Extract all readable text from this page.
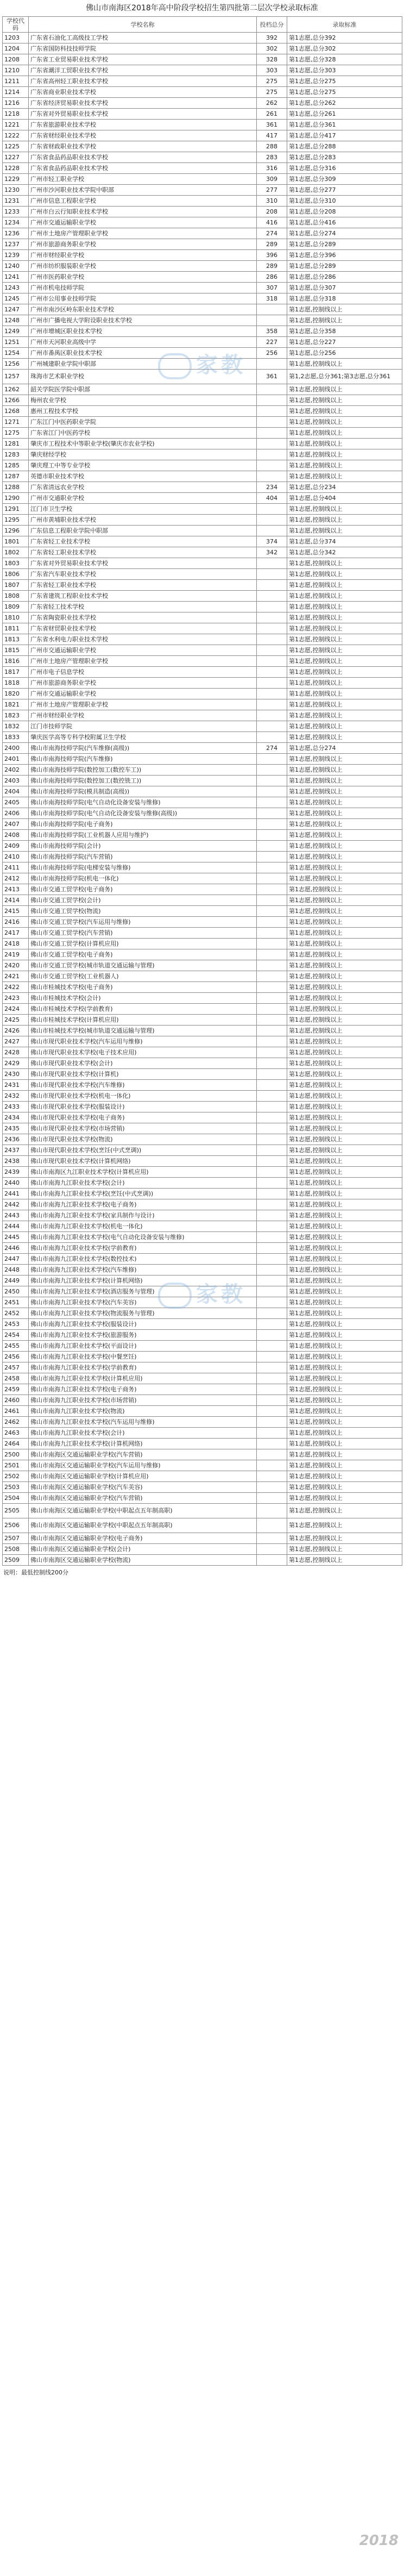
佛山市南海区2018年高中阶段学校招生第四批第二层次学校录取标准
学校代码	学校名称	投档总分	录取标准
1203	广东省石油化工高级技工学校	392	第1志愿,总分392
1204	广东省国防科技技师学院	302	第1志愿,总分302
1208	广东省工业贸易职业技术学校	328	第1志愿,总分328
1210	广东省潮洋工贸职业技术学校	303	第1志愿,总分303
1211	广东省高州轻工职业技术学校	275	第1志愿,总分275
1214	广东省商业职业技术学校	275	第1志愿,总分275
1216	广东省经济贸易职业技术学校	262	第1志愿,总分262
1218	广东省对外贸易职业技术学校	261	第1志愿,总分261
1221	广东省旅游职业技术学校	361	第1志愿,总分361
1222	广东省财经职业技术学校	417	第1志愿,总分417
1225	广东省财政职业技术学校	288	第1志愿,总分288
1227	广东省食品药品职业技术学校	283	第1志愿,总分283
1228	广东省食品药品职业技术学校	316	第1志愿,总分316
1229	广州市轻工职业学校	309	第1志愿,总分309
1230	广州市沙河职业技术学院中职部	277	第1志愿,总分277
1231	广州市信息工程职业学校	310	第1志愿,总分310
1233	广州市白云行知职业技术学校	208	第1志愿,总分208
1234	广州市交通运输职业学校	416	第1志愿,总分416
1236	广州市土地房产管理职业学校	274	第1志愿,总分274
1237	广州市旅游商务职业学校	289	第1志愿,总分289
1239	广州市财经职业学校	396	第1志愿,总分396
1240	广州市纺织服装职业学校	289	第1志愿,总分289
1241	广州市医药职业学校	286	第1志愿,总分286
1243	广州市机电技师学院	307	第1志愿,总分307
1245	广州市公用事业技师学院	318	第1志愿,总分318
1247	广州市南沙区岭东职业技术学校		第1志愿,控制线以上
1248	广州市广播电视大学附设职业技术学校		第1志愿,控制线以上
1249	广州市增城区职业技术学校	358	第1志愿,总分358
1251	广州市天河职业高级中学	227	第1志愿,总分227
1254	广州市番禺区职业技术学校	256	第1志愿,总分256
1256	广州城建职业学院中职部		第1志愿,控制线以上
1257	珠海市艺术职业学校	361	第1,2志愿,总分361;第3志愿,总分361
1262	韶关学院医学院中职部		第1志愿,控制线以上
1266	梅州农业学校		第1志愿,控制线以上
1268	惠州工程技术学校		第1志愿,控制线以上
1271	广东江门中医药职业学院		第1志愿,控制线以上
1275	广东省江门中医药学校		第1志愿,控制线以上
1281	肇庆市工程技术中等职业学校(肇庆市农业学校)		第1志愿,控制线以上
1283	肇庆财经学校		第1志愿,控制线以上
1285	肇庆理工中等专业学校		第1志愿,控制线以上
1287	英德市职业技术学校		第1志愿,控制线以上
1288	广东省清远农业学校	234	第1志愿,总分234
1290	广州市交通职业学校	404	第1志愿,总分404
1291	江门市卫生学校		第1志愿,控制线以上
1295	广州市黄埔职业技术学校		第1志愿,控制线以上
1296	广东信息工程职业学院中职部		第1志愿,控制线以上
1801	广东省轻工业技术学校	374	第1志愿,总分374
1802	广东省轻工职业技术学校	342	第1志愿,总分342
1803	广东省对外贸易职业技术学校		第1志愿,控制线以上
1806	广东省汽车职业技术学校		第1志愿,控制线以上
1807	广东省轻工职业技术学校		第1志愿,控制线以上
1808	广东省建筑工程职业技术学校		第1志愿,控制线以上
1809	广东省轻工技术学校		第1志愿,控制线以上
1810	广东省陶瓷职业技术学校		第1志愿,控制线以上
1811	广东省财贸职业技术学校		第1志愿,控制线以上
1813	广东省水利电力职业技术学校		第1志愿,控制线以上
1815	广州市交通运输职业学校		第1志愿,控制线以上
1816	广州市土地房产管理职业学校		第1志愿,控制线以上
1817	广州市电子信息学校		第1志愿,控制线以上
1818	广州市旅游商务职业学校		第1志愿,控制线以上
1820	广州市交通运输职业学校		第1志愿,控制线以上
1821	广州市土地房产管理职业学校		第1志愿,控制线以上
1823	广州市财经职业学校		第1志愿,控制线以上
1832	江门市技师学院		第1志愿,控制线以上
1833	肇庆医学高等专科学校附属卫生学校		第1志愿,控制线以上
2400	佛山市南海技师学院(汽车维修(高级))	274	第1志愿,总分274
2401	佛山市南海技师学院(汽车维修)		第1志愿,控制线以上
2402	佛山市南海技师学院(数控加工(数控车工))		第1志愿,控制线以上
2403	佛山市南海技师学院(数控加工(数控铣工))		第1志愿,控制线以上
2404	佛山市南海技师学院(模具制造(高级))		第1志愿,控制线以上
2405	佛山市南海技师学院(电气自动化设备安装与维修)		第1志愿,控制线以上
2406	佛山市南海技师学院(电气自动化设备安装与维修(高级))		第1志愿,控制线以上
2407	佛山市南海技师学院(电子商务)		第1志愿,控制线以上
2408	佛山市南海技师学院(工业机器人应用与维护)		第1志愿,控制线以上
2409	佛山市南海技师学院(会计)		第1志愿,控制线以上
2410	佛山市南海技师学院(汽车营销)		第1志愿,控制线以上
2411	佛山市南海技师学院(电梯安装与维修)		第1志愿,控制线以上
2412	佛山市南海技师学院(机电一体化)		第1志愿,控制线以上
2413	佛山市交通工贸学校(电子商务)		第1志愿,控制线以上
2414	佛山市交通工贸学校(会计)		第1志愿,控制线以上
2415	佛山市交通工贸学校(物流)		第1志愿,控制线以上
2416	佛山市交通工贸学校(汽车运用与维修)		第1志愿,控制线以上
2417	佛山市交通工贸学校(汽车营销)		第1志愿,控制线以上
2418	佛山市交通工贸学校(计算机应用)		第1志愿,控制线以上
2419	佛山市交通工贸学校(电子商务)		第1志愿,控制线以上
2420	佛山市交通工贸学校(城市轨道交通运输与管理)		第1志愿,控制线以上
2421	佛山市交通工贸学校(工业机器人)		第1志愿,控制线以上
2422	佛山市桂城技术学校(电子商务)		第1志愿,控制线以上
2423	佛山市桂城技术学校(会计)		第1志愿,控制线以上
2424	佛山市桂城技术学校(学前教育)		第1志愿,控制线以上
2425	佛山市桂城技术学校(计算机应用)		第1志愿,控制线以上
2426	佛山市桂城技术学校(城市轨道交通运输与管理)		第1志愿,控制线以上
2427	佛山市现代职业技术学校(汽车运用与维修)		第1志愿,控制线以上
2428	佛山市现代职业技术学校(电子技术应用)		第1志愿,控制线以上
2429	佛山市现代职业技术学校(会计)		第1志愿,控制线以上
2430	佛山市现代职业技术学校(计算机)		第1志愿,控制线以上
2431	佛山市现代职业技术学校(汽车维修)		第1志愿,控制线以上
2432	佛山市现代职业技术学校(机电一体化)		第1志愿,控制线以上
2433	佛山市现代职业技术学校(服装设计)		第1志愿,控制线以上
2434	佛山市现代职业技术学校(电子商务)		第1志愿,控制线以上
2435	佛山市现代职业技术学校(市场营销)		第1志愿,控制线以上
2436	佛山市现代职业技术学校(物流)		第1志愿,控制线以上
2437	佛山市现代职业技术学校(烹饪(中式烹调))		第1志愿,控制线以上
2438	佛山市现代职业技术学校(计算机网络)		第1志愿,控制线以上
2439	佛山市南海区九江职业技术学校(计算机应用)		第1志愿,控制线以上
2440	佛山市南海九江职业技术学校(会计)		第1志愿,控制线以上
2441	佛山市南海九江职业技术学校(烹饪(中式烹调))		第1志愿,控制线以上
2442	佛山市南海九江职业技术学校(电子商务)		第1志愿,控制线以上
2443	佛山市南海九江职业技术学校(家具制作与设计)		第1志愿,控制线以上
2444	佛山市南海九江职业技术学校(机电一体化)		第1志愿,控制线以上
2445	佛山市南海九江职业技术学校(电气自动化设备安装与维修)		第1志愿,控制线以上
2446	佛山市南海九江职业技术学校(学前教育)		第1志愿,控制线以上
2447	佛山市南海九江职业技术学校(数控技术)		第1志愿,控制线以上
2448	佛山市南海九江职业技术学校(汽车维修)		第1志愿,控制线以上
2449	佛山市南海九江职业技术学校(计算机网络)		第1志愿,控制线以上
2450	佛山市南海九江职业技术学校(酒店服务与管理)		第1志愿,控制线以上
2451	佛山市南海九江职业技术学校(汽车美容)		第1志愿,控制线以上
2452	佛山市南海九江职业技术学校(物流服务与管理)		第1志愿,控制线以上
2453	佛山市南海九江职业技术学校(服装设计)		第1志愿,控制线以上
2454	佛山市南海九江职业技术学校(旅游服务)		第1志愿,控制线以上
2455	佛山市南海九江职业技术学校(平面设计)		第1志愿,控制线以上
2456	佛山市南海九江职业技术学校(中餐烹饪)		第1志愿,控制线以上
2457	佛山市南海九江职业技术学校(学前教育)		第1志愿,控制线以上
2458	佛山市南海九江职业技术学校(计算机应用)		第1志愿,控制线以上
2459	佛山市南海九江职业技术学校(电子商务)		第1志愿,控制线以上
2460	佛山市南海九江职业技术学校(市场营销)		第1志愿,控制线以上
2461	佛山市南海九江职业技术学校(物流)		第1志愿,控制线以上
2462	佛山市南海九江职业技术学校(汽车运用与维修)		第1志愿,控制线以上
2463	佛山市南海九江职业技术学校(会计)		第1志愿,控制线以上
2464	佛山市南海九江职业技术学校(计算机网络)		第1志愿,控制线以上
2500	佛山市南海区交通运输职业学校(汽车营销)		第1志愿,控制线以上
2501	佛山市南海区交通运输职业学校(汽车运用与维修)		第1志愿,控制线以上
2502	佛山市南海区交通运输职业学校(计算机应用)		第1志愿,控制线以上
2503	佛山市南海区交通运输职业学校(汽车美容)		第1志愿,控制线以上
2504	佛山市南海区交通运输职业学校(汽车营销)		第1志愿,控制线以上
2505	佛山市南海区交通运输职业学校(中职起点五年制高职)		第1志愿,控制线以上
2506	佛山市南海区交通运输职业学校(中职起点五年制高职)		第1志愿,控制线以上
2507	佛山市南海区交通运输职业学校(电子商务)		第1志愿,控制线以上
2508	佛山市南海区交通运输职业学校(会计)		第1志愿,控制线以上
2509	佛山市南海区交通运输职业学校(物流)		第1志愿,控制线以上
说明：最低控制线200分
家教
家教
2018
